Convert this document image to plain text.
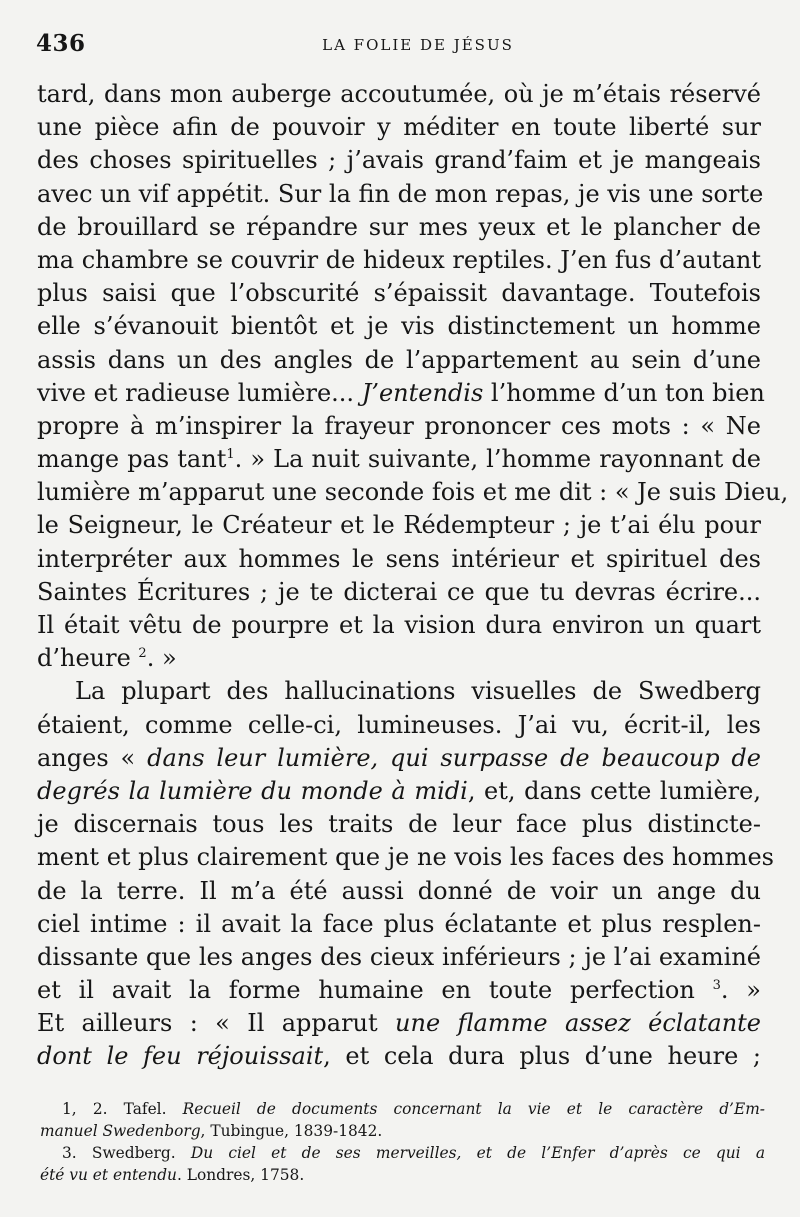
436	LA FOLIE DE JÉSUS
tard, dans mon auberge accoutumée, où je m’étais réservé
une pièce afin de pouvoir y méditer en toute liberté sur
des choses spirituelles ; j’avais grand’faim et je mangeais
avec un vif appétit. Sur la fin de mon repas, je vis une sorte
de brouillard se répandre sur mes yeux et le plancher de
ma chambre se couvrir de hideux reptiles. J’en fus d’autant
plus saisi que l’obscurité s’épaissit davantage. Toutefois
elle s’évanouit bientôt et je vis distinctement un homme
assis dans un des angles de l’appartement au sein d’une
vive et radieuse lumière... J’entendis l’homme d’un ton bien
propre à m’inspirer la frayeur prononcer ces mots : « Ne
mange pas tant$^1$. » La nuit suivante, l’homme rayonnant de
lumière m’apparut une seconde fois et me dit : « Je suis Dieu,
le Seigneur, le Créateur et le Rédempteur ; je t’ai élu pour
interpréter aux hommes le sens intérieur et spirituel des
Saintes Écritures ; je te dicterai ce que tu devras écrire...
Il était vêtu de pourpre et la vision dura environ un quart
d’heure $^2$. »
La plupart des hallucinations visuelles de Swedberg
étaient, comme celle-ci, lumineuses. J’ai vu, écrit-il, les
anges « dans leur lumière, qui surpasse de beaucoup de
degrés la lumière du monde à midi, et, dans cette lumière,
je discernais tous les traits de leur face plus distincte-
ment et plus clairement que je ne vois les faces des hommes
de la terre. Il m’a été aussi donné de voir un ange du
ciel intime : il avait la face plus éclatante et plus resplen-
dissante que les anges des cieux inférieurs ; je l’ai examiné
et il avait la forme humaine en toute perfection $^3$. »
Et ailleurs : « Il apparut une flamme assez éclatante
dont le feu réjouissait, et cela dura plus d’une heure ;
1, 2. Tafel. Recueil de documents concernant la vie et le caractère d’Em-
manuel Swedenborg, Tubingue, 1839-1842.
3. Swedberg. Du ciel et de ses merveilles, et de l’Enfer d’après ce qui a
été vu et entendu. Londres, 1758.
